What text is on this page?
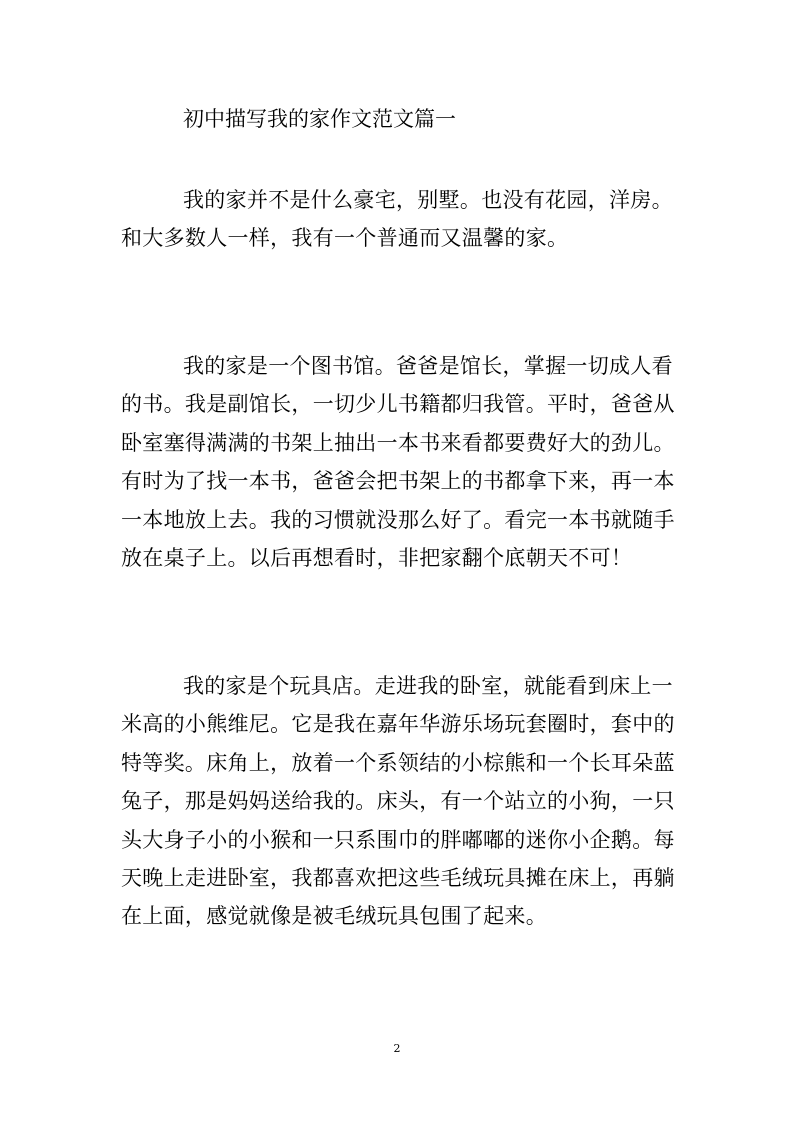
初中描写我的家作文范文篇一
我的家并不是什么豪宅，别墅。也没有花园，洋房。
和大多数人一样，我有一个普通而又温馨的家。
我的家是一个图书馆。爸爸是馆长，掌握一切成人看
的书。我是副馆长，一切少儿书籍都归我管。平时，爸爸从
卧室塞得满满的书架上抽出一本书来看都要费好大的劲儿。
有时为了找一本书，爸爸会把书架上的书都拿下来，再一本
一本地放上去。我的习惯就没那么好了。看完一本书就随手
放在桌子上。以后再想看时，非把家翻个底朝天不可！
我的家是个玩具店。走进我的卧室，就能看到床上一
米高的小熊维尼。它是我在嘉年华游乐场玩套圈时，套中的
特等奖。床角上，放着一个系领结的小棕熊和一个长耳朵蓝
兔子，那是妈妈送给我的。床头，有一个站立的小狗，一只
头大身子小的小猴和一只系围巾的胖嘟嘟的迷你小企鹅。每
天晚上走进卧室，我都喜欢把这些毛绒玩具摊在床上，再躺
在上面，感觉就像是被毛绒玩具包围了起来。
2
